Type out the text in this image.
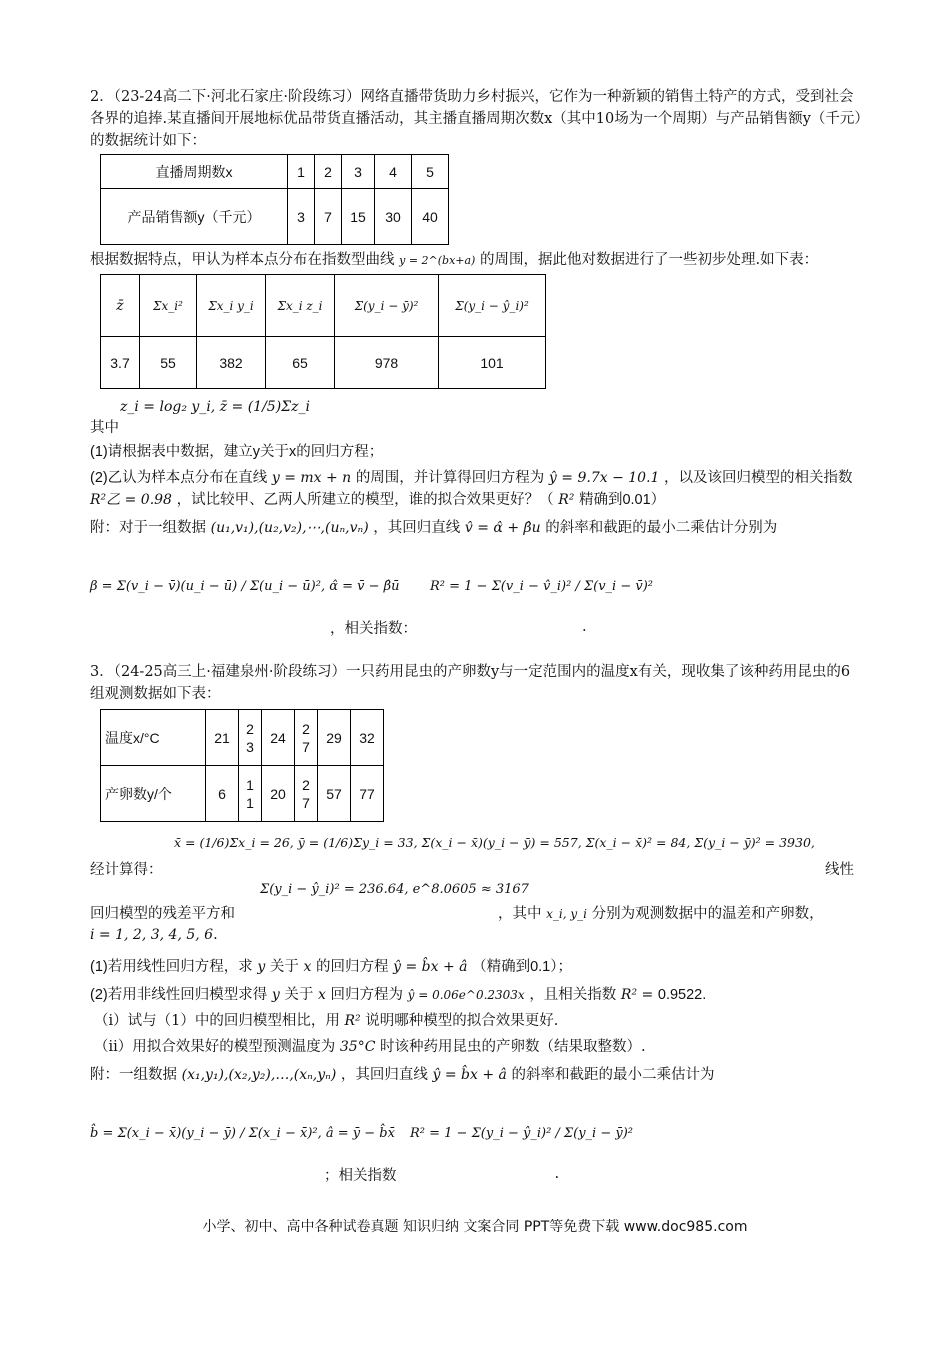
2．（23-24高二下·河北石家庄·阶段练习）网络直播带货助力乡村振兴，它作为一种新颖的销售土特产的方式，受到社会各界的追捧.某直播间开展地标优品带货直播活动，其主播直播周期次数x（其中10场为一个周期）与产品销售额y（千元）的数据统计如下：

直播周期数x	1	2	3	4	5
产品销售额y（千元）	3	7	15	30	40

根据数据特点，甲认为样本点分布在指数型曲线 y = 2^(bx+a) 的周围，据此他对数据进行了一些初步处理.如下表：

z̄	Σx_i²	Σx_i y_i	Σx_i z_i	Σ(y_i − ȳ)²	Σ(y_i − ŷ_i)²
3.7	55	382	65	978	101

z_i = log₂ y_i, z̄ = (1/5)Σz_i

其中

(1)请根据表中数据，建立y关于x的回归方程；

(2)乙认为样本点分布在直线 y = mx + n 的周围，并计算得回归方程为 ŷ = 9.7x − 10.1 ，以及该回归模型的相关指数
R²乙 = 0.98 ，试比较甲、乙两人所建立的模型，谁的拟合效果更好？（ R² 精确到0.01）

附：对于一组数据 (u₁,v₁),(u₂,v₂),⋯,(uₙ,vₙ) ，其回归直线 v̂ = α̂ + β̂u 的斜率和截距的最小二乘估计分别为

β = Σ(v_i − v̄)(u_i − ū) / Σ(u_i − ū)², α̂ = v̄ − β̂ū	R² = 1 − Σ(v_i − v̂_i)² / Σ(v_i − v̄)²
，相关指数：	.

3．（24-25高三上·福建泉州·阶段练习）一只药用昆虫的产卵数y与一定范围内的温度x有关，现收集了该种药用昆虫的6组观测数据如下表：

温度x/°C	21	23	24	27	29	32
产卵数y/个	6	11	20	27	57	77
经计算得：
x̄ = (1/6)Σx_i = 26, ȳ = (1/6)Σy_i = 33, Σ(x_i − x̄)(y_i − ȳ) = 557, Σ(x_i − x̄)² = 84, Σ(y_i − ȳ)² = 3930,
线性
Σ(y_i − ŷ_i)² = 236.64, e^8.0605 ≈ 3167
回归模型的残差平方和	，其中 x_i, y_i 分别为观测数据中的温差和产卵数，

i = 1, 2, 3, 4, 5, 6.

(1)若用线性回归方程，求 y 关于 x 的回归方程 ŷ = b̂x + â （精确到0.1）；

(2)若用非线性回归模型求得 y 关于 x 回归方程为 ŷ = 0.06e^0.2303x ，且相关指数 R² = 0.9522.

（i）试与（1）中的回归模型相比，用 R² 说明哪种模型的拟合效果更好.

（ii）用拟合效果好的模型预测温度为 35°C 时该种药用昆虫的产卵数（结果取整数）.

附：一组数据 (x₁,y₁),(x₂,y₂),…,(xₙ,yₙ) ，其回归直线 ŷ = b̂x + â 的斜率和截距的最小二乘估计为

b̂ = Σ(x_i − x̄)(y_i − ȳ) / Σ(x_i − x̄)², â = ȳ − b̂x̄	R² = 1 − Σ(y_i − ŷ_i)² / Σ(y_i − ȳ)²
；相关指数	.
小学、初中、高中各种试卷真题 知识归纳 文案合同 PPT等免费下载 www.doc985.com
